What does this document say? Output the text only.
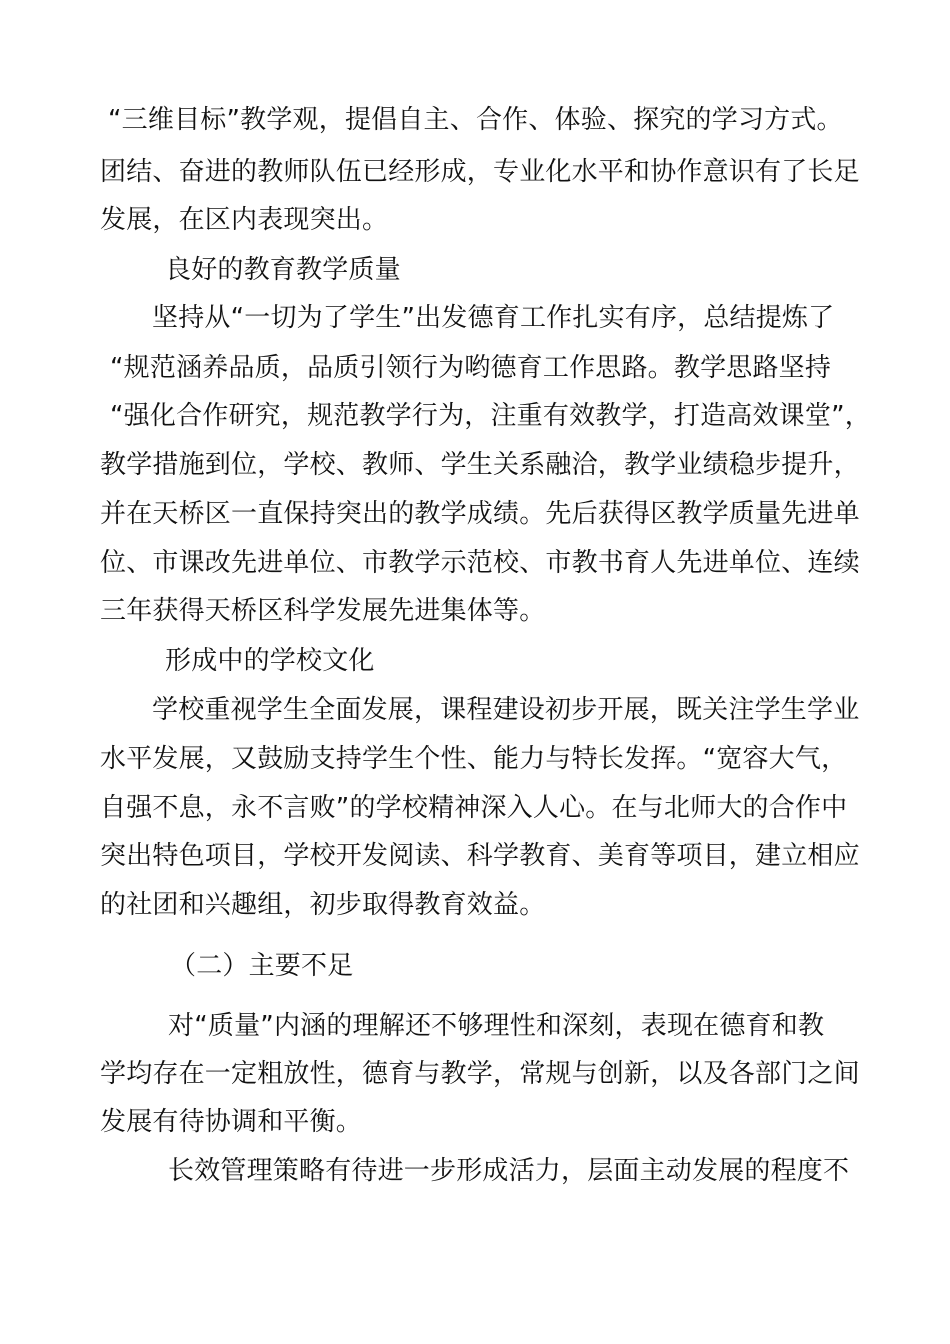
“三维目标”教学观，提倡自主、合作、体验、探究的学习方式。
团结、奋进的教师队伍已经形成，专业化水平和协作意识有了长足
发展，在区内表现突出。
良好的教育教学质量
坚持从“一切为了学生”出发德育工作扎实有序，总结提炼了
“规范涵养品质，品质引领行为哟德育工作思路。教学思路坚持
“强化合作研究，规范教学行为，注重有效教学，打造高效课堂”，
教学措施到位，学校、教师、学生关系融洽，教学业绩稳步提升，
并在天桥区一直保持突出的教学成绩。先后获得区教学质量先进单
位、市课改先进单位、市教学示范校、市教书育人先进单位、连续
三年获得天桥区科学发展先进集体等。
形成中的学校文化
学校重视学生全面发展，课程建设初步开展，既关注学生学业
水平发展，又鼓励支持学生个性、能力与特长发挥。“宽容大气，
自强不息，永不言败”的学校精神深入人心。在与北师大的合作中
突出特色项目，学校开发阅读、科学教育、美育等项目，建立相应
的社团和兴趣组，初步取得教育效益。
（二）主要不足
对“质量”内涵的理解还不够理性和深刻，表现在德育和教
学均存在一定粗放性，德育与教学，常规与创新，以及各部门之间
发展有待协调和平衡。
长效管理策略有待进一步形成活力，层面主动发展的程度不
